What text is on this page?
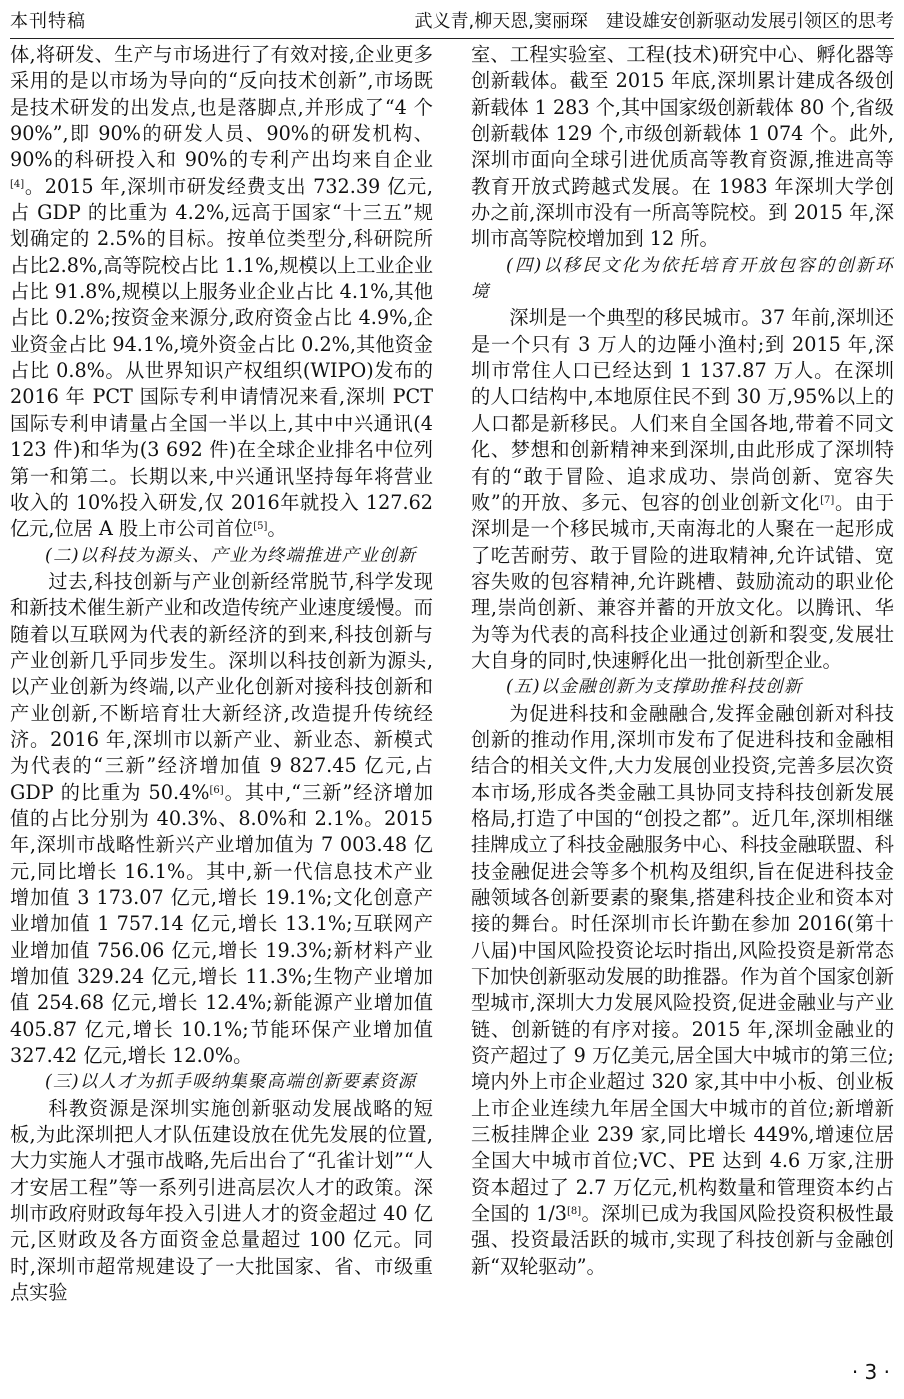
本刊特稿	武义青,柳天恩,窦丽琛　建设雄安创新驱动发展引领区的思考

体,将研发、生产与市场进行了有效对接,企业更多采用的是以市场为导向的“反向技术创新”,市场既是技术研发的出发点,也是落脚点,并形成了“4 个 90%”,即 90%的研发人员、90%的研发机构、90%的科研投入和 90%的专利产出均来自企业[4]。2015 年,深圳市研发经费支出 732.39 亿元,占 GDP 的比重为 4.2%,远高于国家“十三五”规划确定的 2.5%的目标。按单位类型分,科研院所占比2.8%,高等院校占比 1.1%,规模以上工业企业占比 91.8%,规模以上服务业企业占比 4.1%,其他占比 0.2%;按资金来源分,政府资金占比 4.9%,企业资金占比 94.1%,境外资金占比 0.2%,其他资金占比 0.8%。从世界知识产权组织(WIPO)发布的 2016 年 PCT 国际专利申请情况来看,深圳 PCT 国际专利申请量占全国一半以上,其中中兴通讯(4 123 件)和华为(3 692 件)在全球企业排名中位列第一和第二。长期以来,中兴通讯坚持每年将营业收入的 10%投入研发,仅 2016年就投入 127.62 亿元,位居 A 股上市公司首位[5]。

(二)以科技为源头、产业为终端推进产业创新

过去,科技创新与产业创新经常脱节,科学发现和新技术催生新产业和改造传统产业速度缓慢。而随着以互联网为代表的新经济的到来,科技创新与产业创新几乎同步发生。深圳以科技创新为源头,以产业创新为终端,以产业化创新对接科技创新和产业创新,不断培育壮大新经济,改造提升传统经济。2016 年,深圳市以新产业、新业态、新模式为代表的“三新”经济增加值 9 827.45 亿元,占 GDP 的比重为 50.4%[6]。其中,“三新”经济增加值的占比分别为 40.3%、8.0%和 2.1%。2015 年,深圳市战略性新兴产业增加值为 7 003.48 亿元,同比增长 16.1%。其中,新一代信息技术产业增加值 3 173.07 亿元,增长 19.1%;文化创意产业增加值 1 757.14 亿元,增长 13.1%;互联网产业增加值 756.06 亿元,增长 19.3%;新材料产业增加值 329.24 亿元,增长 11.3%;生物产业增加值 254.68 亿元,增长 12.4%;新能源产业增加值 405.87 亿元,增长 10.1%;节能环保产业增加值 327.42 亿元,增长 12.0%。

(三)以人才为抓手吸纳集聚高端创新要素资源

科教资源是深圳实施创新驱动发展战略的短板,为此深圳把人才队伍建设放在优先发展的位置,大力实施人才强市战略,先后出台了“孔雀计划”“人才安居工程”等一系列引进高层次人才的政策。深圳市政府财政每年投入引进人才的资金超过 40 亿元,区财政及各方面资金总量超过 100 亿元。同时,深圳市超常规建设了一大批国家、省、市级重点实验

室、工程实验室、工程(技术)研究中心、孵化器等创新载体。截至 2015 年底,深圳累计建成各级创新载体 1 283 个,其中国家级创新载体 80 个,省级创新载体 129 个,市级创新载体 1 074 个。此外,深圳市面向全球引进优质高等教育资源,推进高等教育开放式跨越式发展。在 1983 年深圳大学创办之前,深圳市没有一所高等院校。到 2015 年,深圳市高等院校增加到 12 所。

(四)以移民文化为依托培育开放包容的创新环境

深圳是一个典型的移民城市。37 年前,深圳还是一个只有 3 万人的边陲小渔村;到 2015 年,深圳市常住人口已经达到 1 137.87 万人。在深圳的人口结构中,本地原住民不到 30 万,95%以上的人口都是新移民。人们来自全国各地,带着不同文化、梦想和创新精神来到深圳,由此形成了深圳特有的“敢于冒险、追求成功、崇尚创新、宽容失败”的开放、多元、包容的创业创新文化[7]。由于深圳是一个移民城市,天南海北的人聚在一起形成了吃苦耐劳、敢于冒险的进取精神,允许试错、宽容失败的包容精神,允许跳槽、鼓励流动的职业伦理,崇尚创新、兼容并蓄的开放文化。以腾讯、华为等为代表的高科技企业通过创新和裂变,发展壮大自身的同时,快速孵化出一批创新型企业。

(五)以金融创新为支撑助推科技创新

为促进科技和金融融合,发挥金融创新对科技创新的推动作用,深圳市发布了促进科技和金融相结合的相关文件,大力发展创业投资,完善多层次资本市场,形成各类金融工具协同支持科技创新发展格局,打造了中国的“创投之都”。近几年,深圳相继挂牌成立了科技金融服务中心、科技金融联盟、科技金融促进会等多个机构及组织,旨在促进科技金融领域各创新要素的聚集,搭建科技企业和资本对接的舞台。时任深圳市长许勤在参加 2016(第十八届)中国风险投资论坛时指出,风险投资是新常态下加快创新驱动发展的助推器。作为首个国家创新型城市,深圳大力发展风险投资,促进金融业与产业链、创新链的有序对接。2015 年,深圳金融业的资产超过了 9 万亿美元,居全国大中城市的第三位;境内外上市企业超过 320 家,其中中小板、创业板上市企业连续九年居全国大中城市的首位;新增新三板挂牌企业 239 家,同比增长 449%,增速位居全国大中城市首位;VC、PE 达到 4.6 万家,注册资本超过了 2.7 万亿元,机构数量和管理资本约占全国的 1/3[8]。深圳已成为我国风险投资积极性最强、投资最活跃的城市,实现了科技创新与金融创新“双轮驱动”。

· 3 ·
